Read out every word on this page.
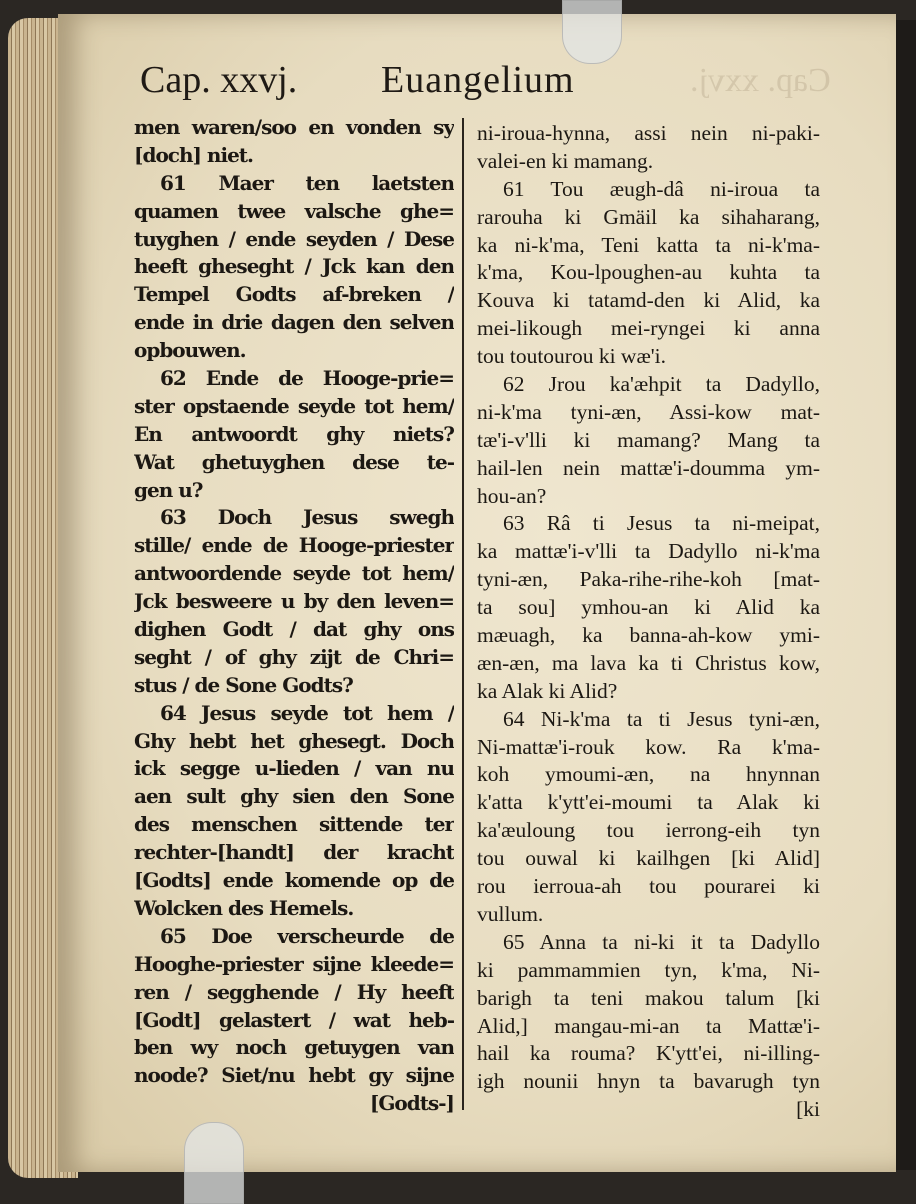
Cap. xxvj.
Cap. xxvj. Euangelium
men waren/soo en vonden sy
[doch] niet.
61 Maer ten laetsten
quamen twee valsche ghe=
tuyghen / ende seyden / Dese
heeft gheseght / Jck kan den
Tempel Godts af-breken /
ende in drie dagen den selven
opbouwen.
62 Ende de Hooge-prie=
ster opstaende seyde tot hem/
En antwoordt ghy niets?
Wat ghetuyghen dese te-
gen u?
63 Doch Jesus swegh
stille/ ende de Hooge-priester
antwoordende seyde tot hem/
Jck besweere u by den leven=
dighen Godt / dat ghy ons
seght / of ghy zijt de Chri=
stus / de Sone Godts?
64 Jesus seyde tot hem /
Ghy hebt het ghesegt. Doch
ick segge u-lieden / van nu
aen sult ghy sien den Sone
des menschen sittende ter
rechter-[handt] der kracht
[Godts] ende komende op de
Wolcken des Hemels.
65 Doe verscheurde de
Hooghe-priester sijne kleede=
ren / segghende / Hy heeft
[Godt] gelastert / wat heb-
ben wy noch getuygen van
noode? Siet/nu hebt gy sijne
[Godts-]
ni-iroua-hynna, assi nein ni-paki-
valei-en ki mamang.
61 Tou æugh-dâ ni-iroua ta
rarouha ki Gmäil ka sihaharang,
ka ni-k'ma, Teni katta ta ni-k'ma-
k'ma, Kou-lpoughen-au kuhta ta
Kouva ki tatamd-den ki Alid, ka
mei-likough mei-ryngei ki anna
tou toutourou ki wæ'i.
62 Jrou ka'æhpit ta Dadyllo,
ni-k'ma tyni-æn, Assi-kow mat-
tæ'i-v'lli ki mamang? Mang ta
hail-len nein mattæ'i-doumma ym-
hou-an?
63 Râ ti Jesus ta ni-meipat,
ka mattæ'i-v'lli ta Dadyllo ni-k'ma
tyni-æn, Paka-rihe-rihe-koh [mat-
ta sou] ymhou-an ki Alid ka
mæuagh, ka banna-ah-kow ymi-
æn-æn, ma lava ka ti Christus kow,
ka Alak ki Alid?
64 Ni-k'ma ta ti Jesus tyni-æn,
Ni-mattæ'i-rouk kow. Ra k'ma-
koh ymoumi-æn, na hnynnan
k'atta k'ytt'ei-moumi ta Alak ki
ka'æuloung tou ierrong-eih tyn
tou ouwal ki kailhgen [ki Alid]
rou ierroua-ah tou pourarei ki
vullum.
65 Anna ta ni-ki it ta Dadyllo
ki pammammien tyn, k'ma, Ni-
barigh ta teni makou talum [ki
Alid,] mangau-mi-an ta Mattæ'i-
hail ka rouma? K'ytt'ei, ni-illing-
igh nounii hnyn ta bavarugh tyn
[ki
